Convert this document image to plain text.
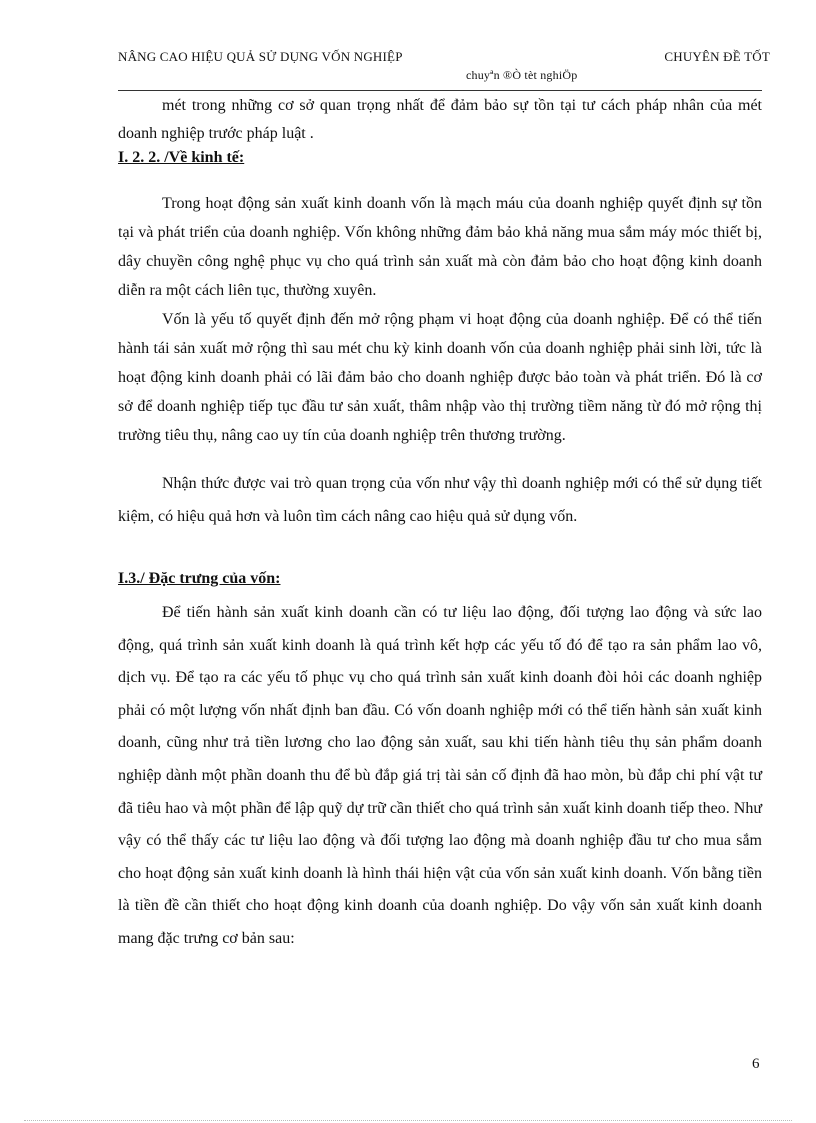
NÂNG CAO HIỆU QUẢ SỬ DỤNG VỐN NGHIỆP	CHUYÊN ĐỀ TỐT
chuyªn ®Ò tèt nghiÖp

mét trong những cơ sở quan trọng nhất để đảm bảo sự tồn tại tư cách pháp nhân của mét doanh nghiệp trước pháp luật .

I. 2. 2. /Về kinh tế:

Trong hoạt động sản xuất kinh doanh vốn là mạch máu của doanh nghiệp quyết định sự tồn tại và phát triển của doanh nghiệp. Vốn không những đảm bảo khả năng mua sắm máy móc thiết bị, dây chuyền công nghệ phục vụ cho quá trình sản xuất mà còn đảm bảo cho hoạt động kinh doanh diễn ra một cách liên tục, thường xuyên.

Vốn là yếu tố quyết định đến mở rộng phạm vi hoạt động của doanh nghiệp. Để có thể tiến hành tái sản xuất mở rộng thì sau mét chu kỳ kinh doanh vốn của doanh nghiệp phải sinh lời, tức là hoạt động kinh doanh phải có lãi đảm bảo cho doanh nghiệp được bảo toàn và phát triển. Đó là cơ sở để doanh nghiệp tiếp tục đầu tư sản xuất, thâm nhập vào thị trường tiềm năng từ đó mở rộng thị trường tiêu thụ, nâng cao uy tín của doanh nghiệp trên thương trường.

Nhận thức được vai trò quan trọng của vốn như vậy thì doanh nghiệp mới có thể sử dụng tiết kiệm, có hiệu quả hơn và luôn tìm cách nâng cao hiệu quả sử dụng vốn.

I.3./ Đặc trưng của vốn:

Để tiến hành sản xuất kinh doanh cần có tư liệu lao động, đối tượng lao động và sức lao động, quá trình sản xuất kinh doanh là quá trình kết hợp các yếu tố đó để tạo ra sản phẩm lao vô, dịch vụ. Để tạo ra các yếu tố phục vụ cho quá trình sản xuất kinh doanh đòi hỏi các doanh nghiệp phải có một lượng vốn nhất định ban đầu. Có vốn doanh nghiệp mới có thể tiến hành sản xuất kinh doanh, cũng như trả tiền lương cho lao động sản xuất, sau khi tiến hành tiêu thụ sản phẩm doanh nghiệp dành một phần doanh thu để bù đắp giá trị tài sản cố định đã hao mòn, bù đắp chi phí vật tư đã tiêu hao và một phần để lập quỹ dự trữ cần thiết cho quá trình sản xuất kinh doanh tiếp theo. Như vậy có thể thấy các tư liệu lao động và đối tượng lao động mà doanh nghiệp đầu tư cho mua sắm cho hoạt động sản xuất kinh doanh là hình thái hiện vật của vốn sản xuất kinh doanh. Vốn bằng tiền là tiền đề cần thiết cho hoạt động kinh doanh của doanh nghiệp. Do vậy vốn sản xuất kinh doanh mang đặc trưng cơ bản sau:

6
